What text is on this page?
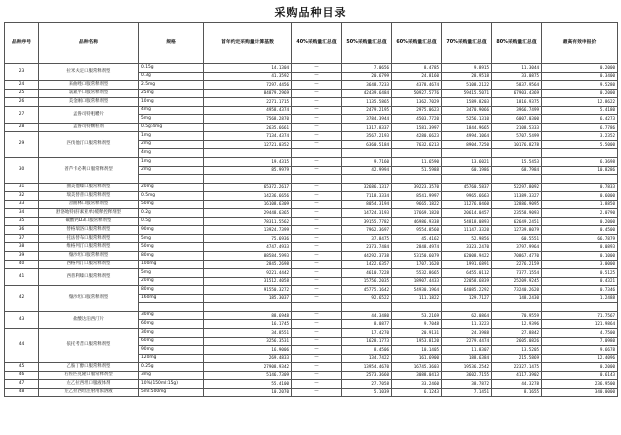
采购品种目录
品种序号	品种名称	规格	首年约定采购量计算基数	40%采购量汇总值	50%采购量汇总值	60%采购量汇总值	70%采购量汇总值	80%采购量汇总值	最高有效申报价
23	拉米夫定口服常释剂型	0.15g	14.1304	—	7.0656	8.4785	9.8915	11.3044	0.2000
		0.3g	41.3592	—	20.6799	24.8160	28.9518	33.0875	0.3400
24	来曲唑口服常释剂型	2.5mg	7297.4456	—	3648.7233	4378.4674	5108.2122	5837.9564	9.5280
25	氯氮平口服常释剂型	25mg	84879.2969	—	42439.6484	50927.5776	59415.5071	67903.4369	0.2000
26	美金刚口服常释剂型	10mg	2271.1715	—	1135.5865	1362.7029	1589.8203	1816.9375	12.8622
27	孟鲁司特咀嚼片	4mg	4958.4374	—	2479.2195	2975.0623	3470.9066	3966.7499	5.4180
		5mg	7568.2870	—	3784.3944	4503.7720	5256.1310	6007.0300	6.4273
28	孟鲁司特颗粒剂	0.5g:4mg	2635.6661	—	1317.8337	1581.3997	1844.9665	2108.5333	6.7786
29	匹伐他汀口服常释剂型	1mg	7134.4374	—	3567.2193	4280.6623	4994.1064	5707.5499	3.2352
		2mg	12721.0352	—	6360.5184	7632.6213	8904.7250	10176.8278	5.5000
		4mg							
30	普芦卡必利口服常释剂型	1mg	19.4315	—	9.7160	11.6590	13.6021	15.5453	6.3698
		2mg	85.9979	—	42.9994	51.5988	60.1986	68.7984	10.8286

31	曲美他嗪口服常释剂型	20mg	65372.2617	—	32686.1317	39223.3570	45760.5837	52297.8092	0.7833
32	瑞美替普口服常释剂型	0.5mg	14236.6656	—	7118.3334	8541.9997	9965.6663	11389.3327	0.6000
33	舍曲林口服常释剂型	50mg	16108.6309	—	8054.3194	9665.1822	11276.0460	12886.9095	1.8850
34	舒洛地特(肝素亚单)缓释控释剂型	0.2g	29448.6365	—	14724.3193	17669.1820	20614.0457	23558.9093	2.0790
35	碳酸钙D3口服常释剂型	0.5g	78311.5562	—	39155.7782	46986.9338	54818.0893	62649.2451	0.2000
36	替格瑞洛口服常释剂型	90mg	13924.7399	—	7962.3697	9554.8560	11147.3320	12739.8079	0.4500
37	托法替布口服常释剂型	5mg	75.6936	—	37.8475	45.4162	52.9856	60.5551	66.7879
38	维格列汀口服常释剂型	50mg	4747.4933	—	2373.7484	2848.4974	3323.2470	3797.9964	0.0893
39	缬沙坦口服常释剂型	80mg	88584.5993	—	44292.3738	53150.6079	62008.9422	70867.4770	0.1000
40	西格列汀口服常释剂型	100mg	2845.2698	—	1422.6357	1707.1620	1991.6891	2276.2159	3.0000
41	西普利嗪口服常释剂型	5mg	9221.4442	—	4610.7228	5532.8665	6455.0112	7377.1554	0.5125
		20mg	31512.4058	—	15756.2035	18907.4433	22058.6839	25209.9245	0.4321
42	缬沙坦口服常释剂型	80mg	91550.3272	—	45775.1642	54930.1964	64085.2292	73240.2620	0.7346
		160mg	185.3037	—	92.6522	111.1822	129.7127	148.2430	1.2488

43	盐酸达泊西汀片	30mg	88.6948	—	44.3480	53.2169	62.0864	70.9559	71.7567
		60mg	16.1745	—	8.0877	9.7048	11.3223	12.9396	121.9864
44	依托考昔口服常释剂型	30mg	34.8551	—	17.4270	20.9131	24.3988	27.8842	4.7500
		60mg	3256.3531	—	1628.1773	1953.8120	2279.4474	2605.0826	7.0980
		90mg	16.9006	—	8.4506	10.1405	11.8307	13.5205	9.6678
		120mg	269.4833	—	134.7422	161.6900	188.6384	215.5869	12.4096
45	乙胺丁醇口服常释剂型	0.25g	27908.9342	—	13954.4670	16745.3603	19536.2542	22327.1475	0.2000
46	右佐匹克隆口服常释剂型	3mg	5146.7309	—	2573.3660	3088.0413	3602.7155	4117.3902	0.6143
47	左乙拉西坦口服液体剂	10%(150ml:15g)	55.4100	—	27.7058	33.2460	38.7872	44.3278	236.9500
48	左乙拉西坦注射用浓溶液	5ml:500mg	10.2070	—	5.1039	6.1243	7.1451	8.1655	340.0000
